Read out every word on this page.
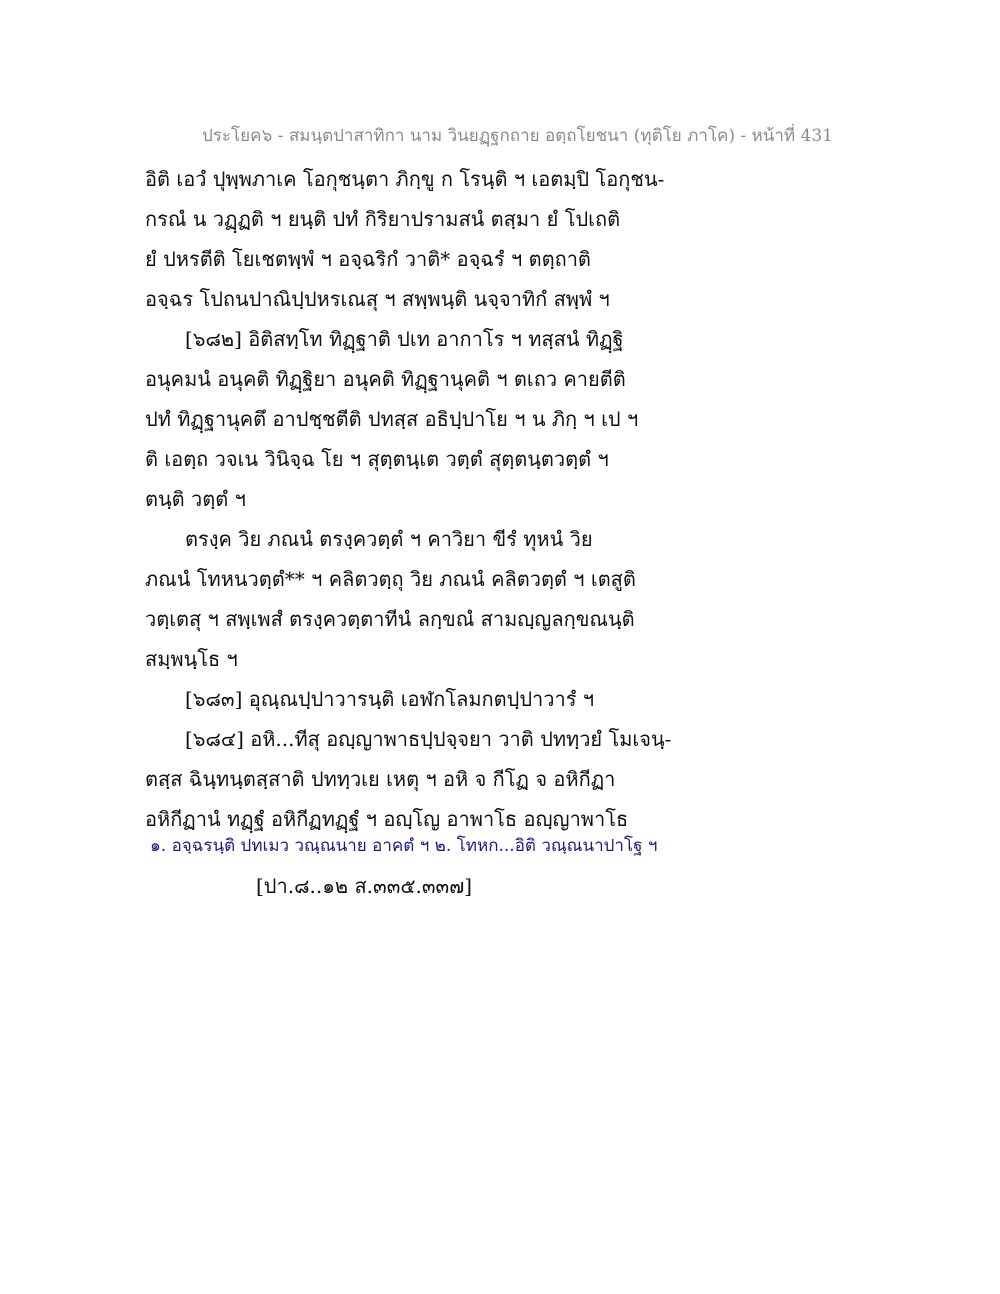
ประโยค๖ - สมนฺตปาสาทิกา นาม วินยฏฺฐกถาย อตฺถโยชนา (ทุติโย ภาโค) - หน้าที่ 431
อิติ เอวํ ปุพฺพภาเค โอกุชนฺตา ภิกฺขู ก โรนฺติ ฯ เอตมฺปิ โอกุชน-
กรณํ น วฏฺฏติ ฯ ยนฺติ ปทํ กิริยาปรามสนํ ตสฺมา ยํ โปเถติ
ยํ ปหรตีติ โยเชตพฺพํ ฯ อจฺฉริกํ วาติ* อจฺฉรํ ฯ ตตฺถาติ
อจฺฉร โปถนปาณิปฺปหรเณสุ ฯ สพฺพนฺติ นจฺจาทิกํ สพฺพํ ฯ
[๖๘๒] อิติสทฺโท ทิฏฺฐาติ ปเท อากาโร ฯ ทสฺสนํ ทิฏฺฐิ
อนุคมนํ อนุคติ ทิฏฺฐิยา อนุคติ ทิฏฺฐานุคติ ฯ ตเถว คายตีติ
ปทํ ทิฏฺฐานุคตึ อาปชฺชตีติ ปทสฺส อธิปฺปาโย ฯ น ภิกฺ ฯ เป ฯ
ติ เอตฺถ วจเน วินิจฺฉ โย ฯ สุตฺตนฺเต วตฺตํ สุตฺตนฺตวตฺตํ ฯ
ตนฺติ วตฺตํ ฯ
ตรงฺค วิย ภณนํ ตรงฺควตฺตํ ฯ คาวิยา ขีรํ ทุหนํ วิย
ภณนํ โทหนวตฺตํ** ฯ คลิตวตฺถุ วิย ภณนํ คลิตวตฺตํ ฯ เตสูติ
วตฺเตสุ ฯ สพฺเพสํ ตรงฺควตฺตาทีนํ ลกฺขณํ สามญฺญลกฺขณนฺติ
สมฺพนฺโธ ฯ
[๖๘๓] อุณฺณปฺปาวารนฺติ เอฬกโลมกตปฺปาวารํ ฯ
[๖๘๔] อหิ...ทีสุ อญฺญาพาธปฺปจฺจยา วาติ ปททฺวยํ โมเจนฺ-
ตสฺส ฉินฺทนฺตสฺสาติ ปททฺวเย เหตุ ฯ อหิ จ กีโฏ จ อหิกีฏา
อหิกีฏานํ ทฏฺฐํ อหิกีฏทฏฺฐํ ฯ อญฺโญ อาพาโธ อญฺญาพาโธ
๑. อจฺฉรนฺติ ปทเมว วณฺณนาย อาคตํ ฯ ๒. โทหก...อิติ วณฺณนาปาโฐ ฯ
[ปา.๘..๑๒ ส.๓๓๕.๓๓๗]
